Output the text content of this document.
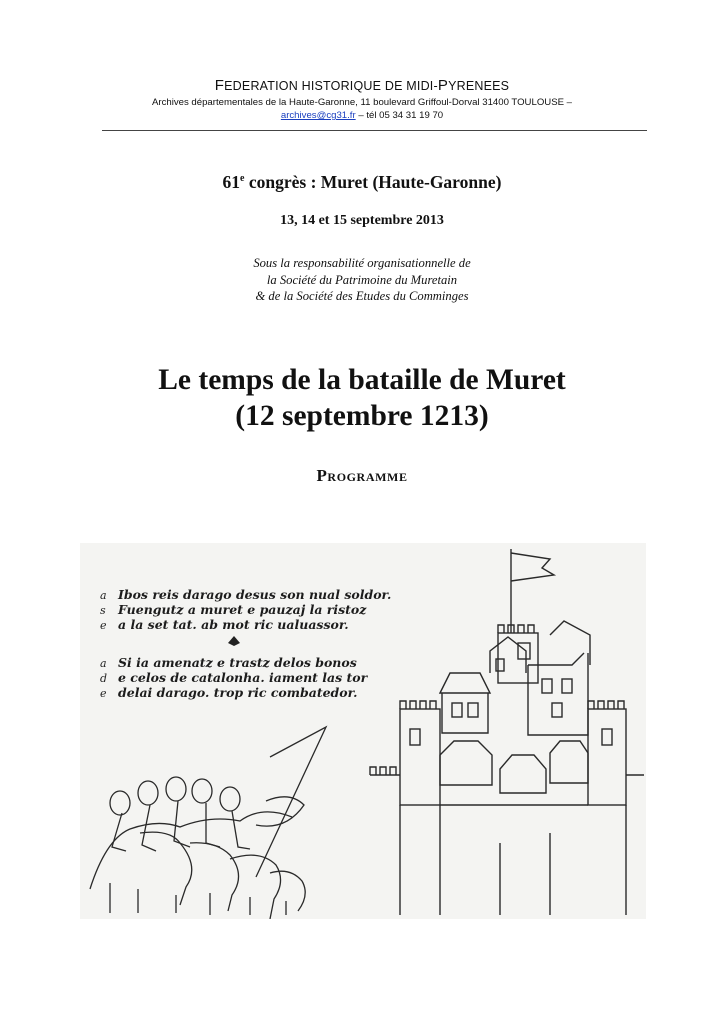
FEDERATION HISTORIQUE DE MIDI-PYRENEES
Archives départementales de la Haute-Garonne, 11 boulevard Griffoul-Dorval 31400 TOULOUSE –
archives@cg31.fr – tél 05 34 31 19 70
61e congrès : Muret (Haute-Garonne)
13, 14 et 15 septembre 2013
Sous la responsabilité organisationnelle de
la Société du Patrimoine du Muretain
& de la Société des Etudes du Comminges
Le temps de la bataille de Muret
(12 septembre 1213)
Programme
Ibos reis darago desus son nual soldor.
Fuengutz a muret e pauzaj la ristoz
a la set tat. ab mot ric ualuassor.
Si ia amenatz e trastz delos bonos
e celos de catalonha. iament las tor
delai darago. trop ric combatedor.
a
s
e
a
d
e
